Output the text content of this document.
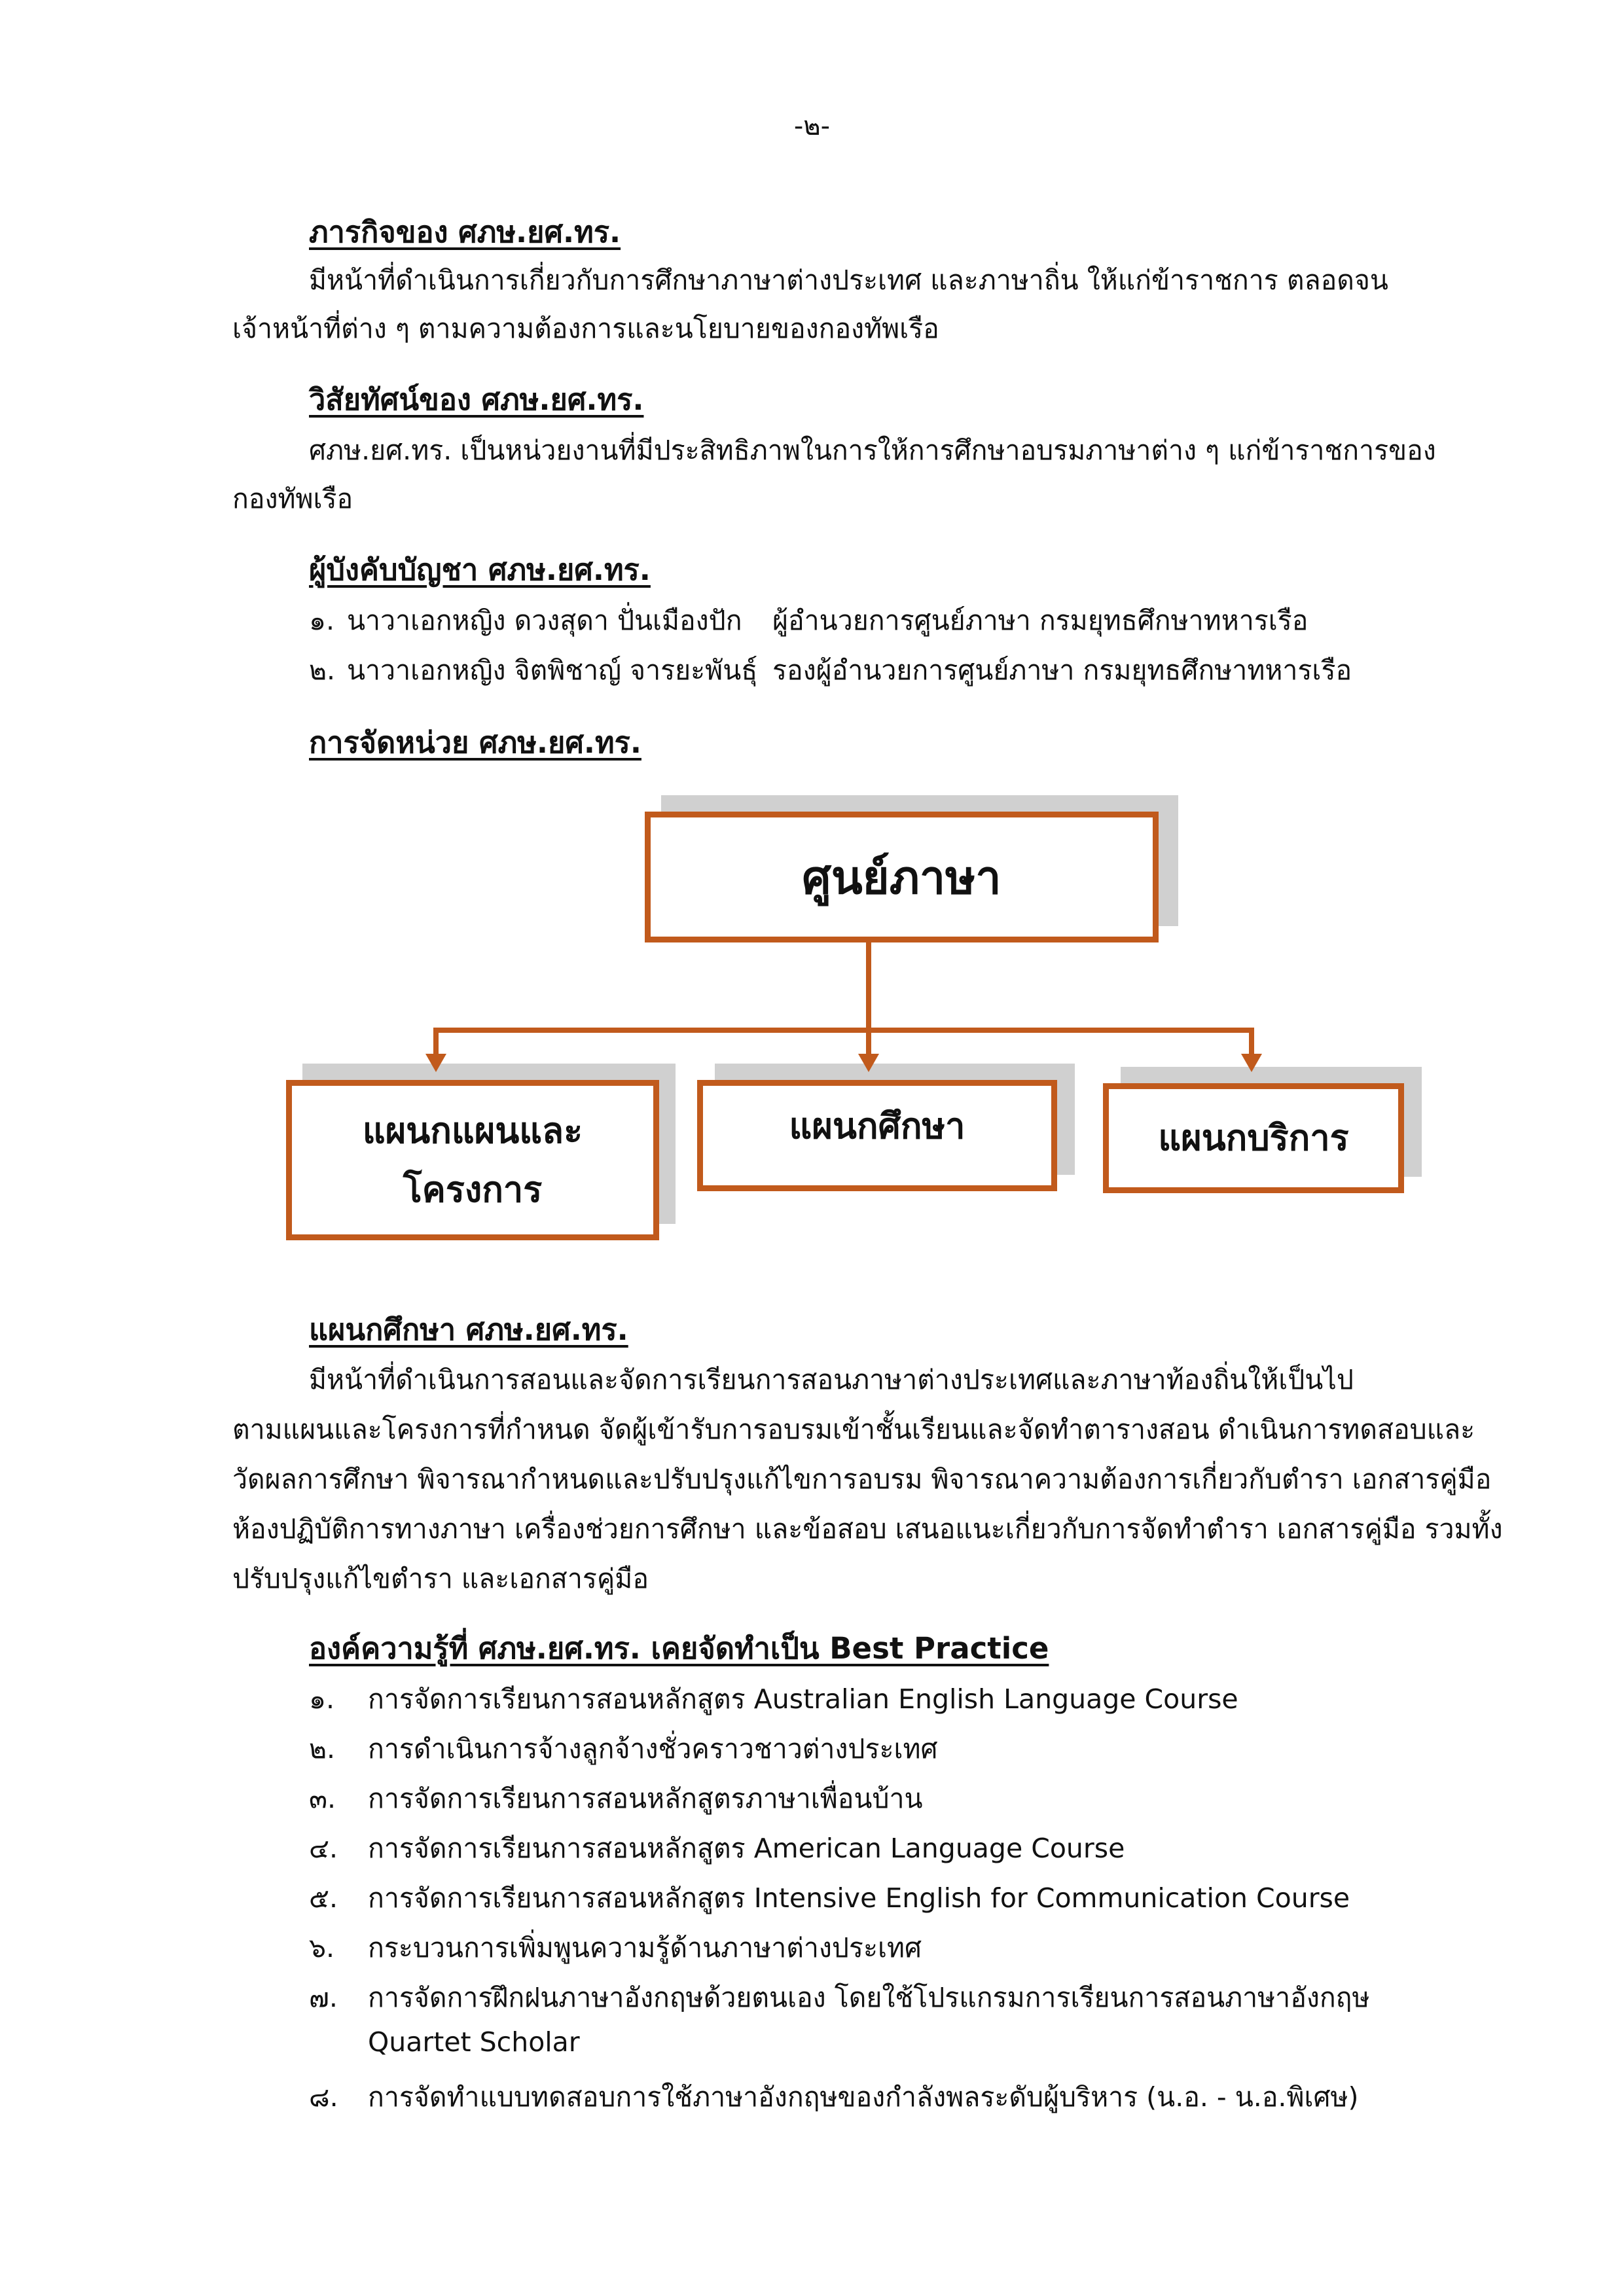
-๒-
ภารกิจของ ศภษ.ยศ.ทร.
มีหน้าที่ดำเนินการเกี่ยวกับการศึกษาภาษาต่างประเทศ และภาษาถิ่น ให้แก่ข้าราชการ ตลอดจน
เจ้าหน้าที่ต่าง ๆ ตามความต้องการและนโยบายของกองทัพเรือ
วิสัยทัศน์ของ ศภษ.ยศ.ทร.
ศภษ.ยศ.ทร. เป็นหน่วยงานที่มีประสิทธิภาพในการให้การศึกษาอบรมภาษาต่าง ๆ แก่ข้าราชการของ
กองทัพเรือ
ผู้บังคับบัญชา ศภษ.ยศ.ทร.
๑. นาวาเอกหญิง ดวงสุดา ปั่นเมืองปัก ผู้อำนวยการศูนย์ภาษา กรมยุทธศึกษาทหารเรือ
๒. นาวาเอกหญิง จิตพิชาญ์ จารยะพันธุ์ รองผู้อำนวยการศูนย์ภาษา กรมยุทธศึกษาทหารเรือ
การจัดหน่วย ศภษ.ยศ.ทร.
ศูนย์ภาษา
แผนกแผนและ
โครงการ
แผนกศึกษา	แผนกบริการ
แผนกศึกษา ศภษ.ยศ.ทร.
มีหน้าที่ดำเนินการสอนและจัดการเรียนการสอนภาษาต่างประเทศและภาษาท้องถิ่นให้เป็นไป
ตามแผนและโครงการที่กำหนด จัดผู้เข้ารับการอบรมเข้าชั้นเรียนและจัดทำตารางสอน ดำเนินการทดสอบและ
วัดผลการศึกษา พิจารณากำหนดและปรับปรุงแก้ไขการอบรม พิจารณาความต้องการเกี่ยวกับตำรา เอกสารคู่มือ
ห้องปฏิบัติการทางภาษา เครื่องช่วยการศึกษา และข้อสอบ เสนอแนะเกี่ยวกับการจัดทำตำรา เอกสารคู่มือ รวมทั้ง
ปรับปรุงแก้ไขตำรา และเอกสารคู่มือ
องค์ความรู้ที่ ศภษ.ยศ.ทร. เคยจัดทำเป็น Best Practice
๑. การจัดการเรียนการสอนหลักสูตร Australian English Language Course
๒. การดำเนินการจ้างลูกจ้างชั่วคราวชาวต่างประเทศ
๓. การจัดการเรียนการสอนหลักสูตรภาษาเพื่อนบ้าน
๔. การจัดการเรียนการสอนหลักสูตร American Language Course
๕. การจัดการเรียนการสอนหลักสูตร Intensive English for Communication Course
๖. กระบวนการเพิ่มพูนความรู้ด้านภาษาต่างประเทศ
๗. การจัดการฝึกฝนภาษาอังกฤษด้วยตนเอง โดยใช้โปรแกรมการเรียนการสอนภาษาอังกฤษ
Quartet Scholar
๘. การจัดทำแบบทดสอบการใช้ภาษาอังกฤษของกำลังพลระดับผู้บริหาร (น.อ. - น.อ.พิเศษ)
